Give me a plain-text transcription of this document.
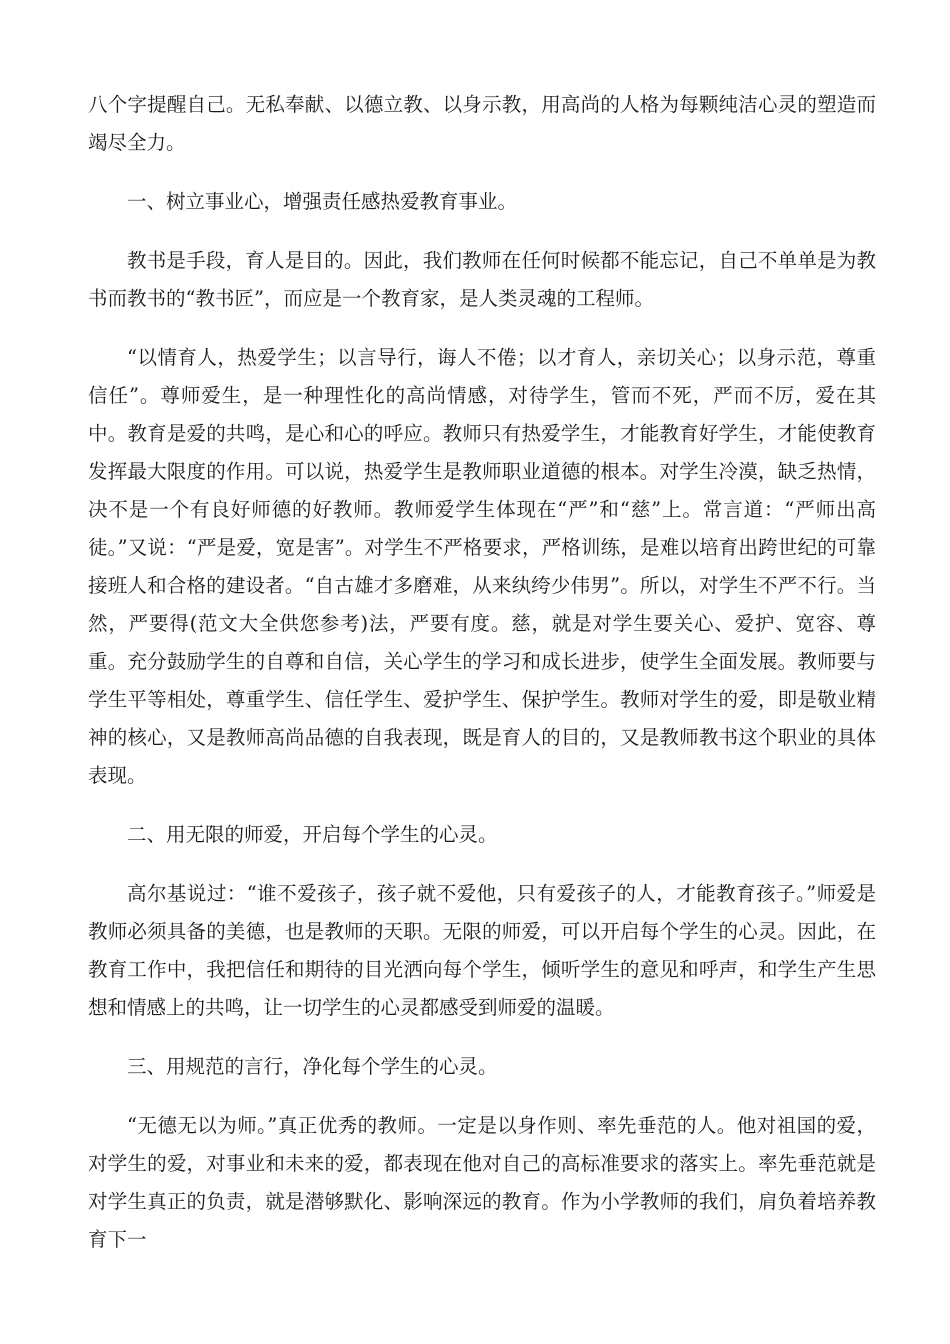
八个字提醒自己。无私奉献、以德立教、以身示教，用高尚的人格为每颗纯洁心灵的塑造而竭尽全力。

一、树立事业心，增强责任感热爱教育事业。

教书是手段，育人是目的。因此，我们教师在任何时候都不能忘记，自己不单单是为教书而教书的“教书匠”，而应是一个教育家，是人类灵魂的工程师。

“以情育人，热爱学生；以言导行，诲人不倦；以才育人，亲切关心；以身示范，尊重信任”。尊师爱生，是一种理性化的高尚情感，对待学生，管而不死，严而不厉，爱在其中。教育是爱的共鸣，是心和心的呼应。教师只有热爱学生，才能教育好学生，才能使教育发挥最大限度的作用。可以说，热爱学生是教师职业道德的根本。对学生冷漠，缺乏热情，决不是一个有良好师德的好教师。教师爱学生体现在“严”和“慈”上。常言道：“严师出高徒。”又说：“严是爱，宽是害”。对学生不严格要求，严格训练，是难以培育出跨世纪的可靠接班人和合格的建设者。“自古雄才多磨难，从来纨绔少伟男”。所以，对学生不严不行。当然，严要得(范文大全供您参考)法，严要有度。慈，就是对学生要关心、爱护、宽容、尊重。充分鼓励学生的自尊和自信，关心学生的学习和成长进步，使学生全面发展。教师要与学生平等相处，尊重学生、信任学生、爱护学生、保护学生。教师对学生的爱，即是敬业精神的核心，又是教师高尚品德的自我表现，既是育人的目的，又是教师教书这个职业的具体表现。

二、用无限的师爱，开启每个学生的心灵。

高尔基说过：“谁不爱孩子，孩子就不爱他，只有爱孩子的人，才能教育孩子。”师爱是教师必须具备的美德，也是教师的天职。无限的师爱，可以开启每个学生的心灵。因此，在教育工作中，我把信任和期待的目光洒向每个学生，倾听学生的意见和呼声，和学生产生思想和情感上的共鸣，让一切学生的心灵都感受到师爱的温暖。

三、用规范的言行，净化每个学生的心灵。

“无德无以为师。”真正优秀的教师。一定是以身作则、率先垂范的人。他对祖国的爱，对学生的爱，对事业和未来的爱，都表现在他对自己的高标准要求的落实上。率先垂范就是对学生真正的负责，就是潜够默化、影响深远的教育。作为小学教师的我们，肩负着培养教育下一
